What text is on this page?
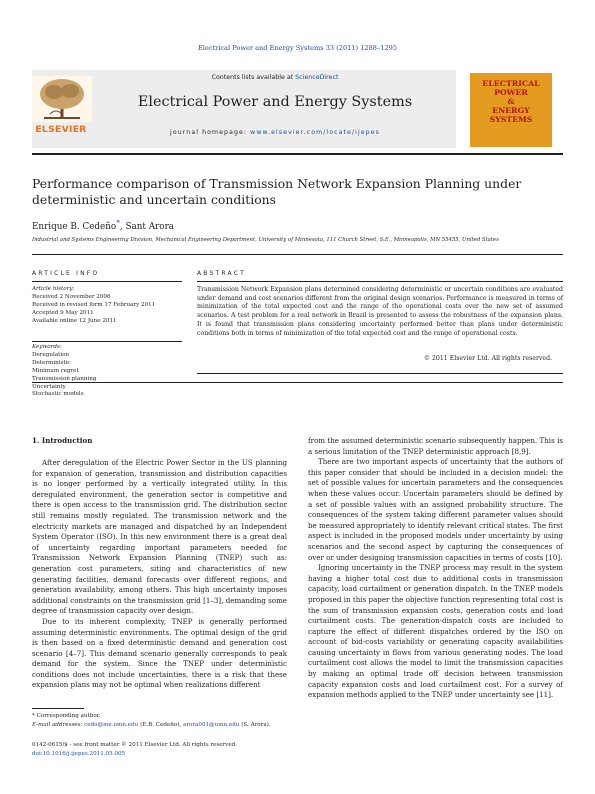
Electrical Power and Energy Systems 33 (2011) 1288–1295
ELSEVIER
Contents lists available at ScienceDirect
Electrical Power and Energy Systems
journal homepage: www.elsevier.com/locate/ijepes
ELECTRICAL
POWER
&
ENERGY
SYSTEMS
Performance comparison of Transmission Network Expansion Planning under deterministic and uncertain conditions
Enrique B. Cedeño*, Sant Arora
Industrial and Systems Engineering Division, Mechanical Engineering Department, University of Minnesota, 111 Church Street, S.E., Minneapolis, MN 55455, United States
ARTICLE INFO	ABSTRACT
Article history:
Received 2 November 2006
Received in revised form 17 February 2011
Accepted 9 May 2011
Available online 12 June 2011
Keywords:
Deregulation
Deterministic
Minimum regret
Transmission planning
Uncertainty
Stochastic models
Transmission Network Expansion plans determined considering deterministic or uncertain conditions are evaluated under demand and cost scenarios different from the original design scenarios. Performance is measured in terms of minimization of the total expected cost and the range of the operational costs over the new set of assumed scenarios. A test problem for a real network in Brazil is presented to assess the robustness of the expansion plans. It is found that transmission plans considering uncertainty performed better than plans under deterministic conditions both in terms of minimization of the total expected cost and the range of operational costs.
© 2011 Elsevier Ltd. All rights reserved.
1. Introduction

After deregulation of the Electric Power Sector in the US planning for expansion of generation, transmission and distribution capacities is no longer performed by a vertically integrated utility. In this deregulated environment, the generation sector is competitive and there is open access to the transmission grid. The distribution sector still remains mostly regulated. The transmission network and the electricity markets are managed and dispatched by an Independent System Operator (ISO). In this new environment there is a great deal of uncertainty regarding important parameters needed for Transmission Network Expansion Planning (TNEP) such as: generation cost parameters, siting and characteristics of new generating facilities, demand forecasts over different regions, and generation availability, among others. This high uncertainty imposes additional constraints on the transmission grid [1–3], demanding some degree of transmission capacity over design.

Due to its inherent complexity, TNEP is generally performed assuming deterministic environments. The optimal design of the grid is then based on a fixed deterministic demand and generation cost scenario [4–7]. This demand scenario generally corresponds to peak demand for the system. Since the TNEP under deterministic conditions does not include uncertainties, there is a risk that these expansion plans may not be optimal when realizations different

from the assumed deterministic scenario subsequently happen. This is a serious limitation of the TNEP deterministic approach [8,9].

There are two important aspects of uncertainty that the authors of this paper consider that should be included in a decision model: the set of possible values for uncertain parameters and the consequences when these values occur. Uncertain parameters should be defined by a set of possible values with an assigned probability structure. The consequences of the system taking different parameter values should be measured appropriately to identify relevant critical states. The first aspect is included in the proposed models under uncertainty by using scenarios and the second aspect by capturing the consequences of over or under designing transmission capacities in terms of costs [10].

Ignoring uncertainty in the TNEP process may result in the system having a higher total cost due to additional costs in transmission capacity, load curtailment or generation dispatch. In the TNEP models proposed in this paper the objective function representing total cost is the sum of transmission expansion costs, generation costs and load curtailment costs. The generation-dispatch costs are included to capture the effect of different dispatches ordered by the ISO on account of bid-costs variability or generating capacity availabilities causing uncertainty in flows from various generating nodes. The load curtailment cost allows the model to limit the transmission capacities by making an optimal trade off decision between transmission capacity expansion costs and load curtailment cost. For a survey of expansion methods applied to the TNEP under uncertainty see [11].

* Corresponding author.
E-mail addresses: cedo@me.umn.edu (E.B. Cedeño), arora001@umn.edu (S. Arora).
0142-0615/$ - see front matter © 2011 Elsevier Ltd. All rights reserved.
doi:10.1016/j.ijepes.2011.05.005
